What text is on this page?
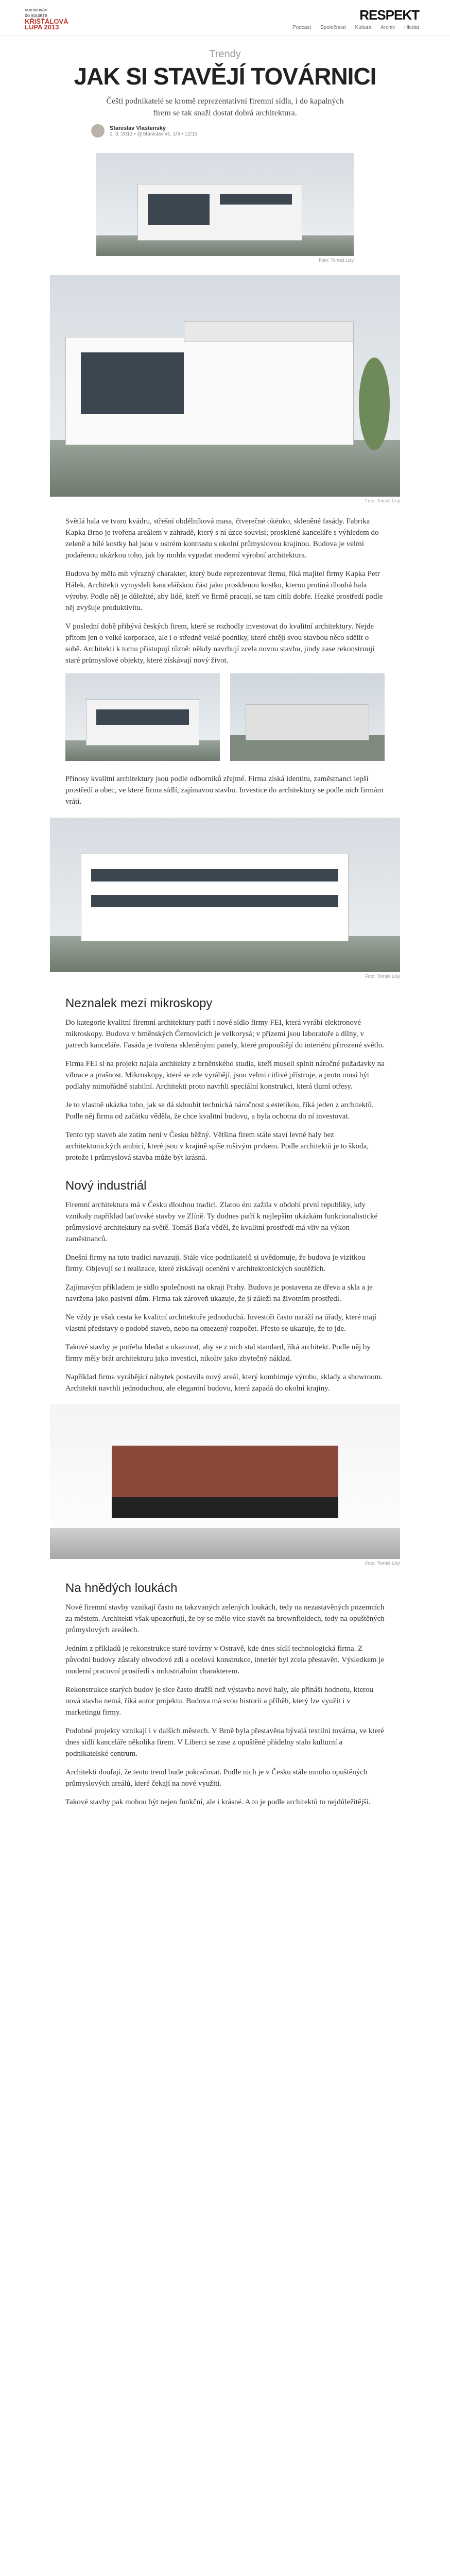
nominován
do soutěže
KŘIŠŤÁLOVÁ
LUPA 2013
RESPEKT
Podcast Společnost Kultura Archiv Hledat
Trendy
JAK SI STAVĚJÍ TOVÁRNICI

Čeští podnikatelé se kromě reprezentativní firemní sídla, i do kapalných firem se tak snaží dostat dobrá architektura.

Stanislav Vlastenský
2. 3. 2013 • @Stanislav vš. 1/3 • 12/13
Foto: Tomáš Lisý
Foto: Tomáš Lisý

Světlá hala ve tvaru kvádru, střešní obdélníková masa, čtverečné okénko, skleněné fasády. Fabrika Kapka Brno je tvořena areálem v zahradě, který s ní úzce souvisí; prosklené kanceláře s výhledem do zeleně a bílé kostky hal jsou v ostrém kontrastu s okolní průmyslovou krajinou. Budova je velmi podařenou ukázkou toho, jak by mohla vypadat moderní výrobní architektura.

Budova by měla mít výrazný charakter, který bude reprezentovat firmu, říká majitel firmy Kapka Petr Hálek. Architekti vymysleli kancelářskou část jako prosklenou kostku, kterou protíná dlouhá hala výroby. Podle něj je důležité, aby lidé, kteří ve firmě pracují, se tam cítili dobře. Hezké prostředí podle něj zvyšuje produktivitu.

V poslední době přibývá českých firem, které se rozhodly investovat do kvalitní architektury. Nejde přitom jen o velké korporace, ale i o středně velké podniky, které chtějí svou stavbou něco sdělit o sobě. Architekti k tomu přistupují různě: někdy navrhují zcela novou stavbu, jindy zase rekonstruují staré průmyslové objekty, které získávají nový život.

Přínosy kvalitní architektury jsou podle odborníků zřejmé. Firma získá identitu, zaměstnanci lepší prostředí a obec, ve které firma sídlí, zajímavou stavbu. Investice do architektury se podle nich firmám vrátí.

Foto: Tomáš Lisý
Neznalek mezi mikroskopy

Do kategorie kvalitní firemní architektury patří i nové sídlo firmy FEI, která vyrábí elektronové mikroskopy. Budova v brněnských Černovicích je velkorysá; v přízemí jsou laboratoře a dílny, v patrech kanceláře. Fasáda je tvořena skleněnými panely, které propouštějí do interiéru přirozené světlo.

Firma FEI si na projekt najala architekty z brněnského studia, kteří museli splnit náročné požadavky na vibrace a prašnost. Mikroskopy, které se zde vyrábějí, jsou velmi citlivé přístroje, a proto musí být podlahy mimořádně stabilní. Architekti proto navrhli speciální konstrukci, která tlumí otřesy.

Je to vlastně ukázka toho, jak se dá skloubit technická náročnost s estetikou, říká jeden z architektů. Podle něj firma od začátku věděla, že chce kvalitní budovu, a byla ochotna do ní investovat.

Tento typ staveb ale zatím není v Česku běžný. Většina firem stále staví levné haly bez architektonických ambicí, které jsou v krajině spíše rušivým prvkem. Podle architektů je to škoda, protože i průmyslová stavba může být krásná.

Nový industriál

Firemní architektura má v Česku dlouhou tradici. Zlatou éru zažila v období první republiky, kdy vznikaly například baťovské stavby ve Zlíně. Ty dodnes patří k nejlepším ukázkám funkcionalistické průmyslové architektury na světě. Tomáš Baťa věděl, že kvalitní prostředí má vliv na výkon zaměstnanců.

Dnešní firmy na tuto tradici navazují. Stále více podnikatelů si uvědomuje, že budova je vizitkou firmy. Objevují se i realizace, které získávají ocenění v architektonických soutěžích.

Zajímavým příkladem je sídlo společnosti na okraji Prahy. Budova je postavena ze dřeva a skla a je navržena jako pasivní dům. Firma tak zároveň ukazuje, že jí záleží na životním prostředí.

Ne vždy je však cesta ke kvalitní architektuře jednoduchá. Investoři často naráží na úřady, které mají vlastní představy o podobě staveb, nebo na omezený rozpočet. Přesto se ukazuje, že to jde.

Takové stavby je potřeba hledat a ukazovat, aby se z nich stal standard, říká architekt. Podle něj by firmy měly brát architekturu jako investici, nikoliv jako zbytečný náklad.

Například firma vyrábějící nábytek postavila nový areál, který kombinuje výrobu, sklady a showroom. Architekti navrhli jednoduchou, ale elegantní budovu, která zapadá do okolní krajiny.

Foto: Tomáš Lisý
Na hnědých loukách

Nové firemní stavby vznikají často na takzvaných zelených loukách, tedy na nezastavěných pozemcích za městem. Architekti však upozorňují, že by se mělo více stavět na brownfieldech, tedy na opuštěných průmyslových areálech.

Jedním z příkladů je rekonstrukce staré továrny v Ostravě, kde dnes sídlí technologická firma. Z původní budovy zůstaly obvodové zdi a ocelová konstrukce, interiér byl zcela přestavěn. Výsledkem je moderní pracovní prostředí s industriálním charakterem.

Rekonstrukce starých budov je sice často dražší než výstavba nové haly, ale přináší hodnotu, kterou nová stavba nemá, říká autor projektu. Budova má svou historii a příběh, který lze využít i v marketingu firmy.

Podobné projekty vznikají i v dalších městech. V Brně byla přestavěna bývalá textilní továrna, ve které dnes sídlí kanceláře několika firem. V Liberci se zase z opuštěné přádelny stalo kulturní a podnikatelské centrum.

Architekti doufají, že tento trend bude pokračovat. Podle nich je v Česku stále mnoho opuštěných průmyslových areálů, které čekají na nové využití.

Takové stavby pak mohou být nejen funkční, ale i krásné. A to je podle architektů to nejdůležitější.
